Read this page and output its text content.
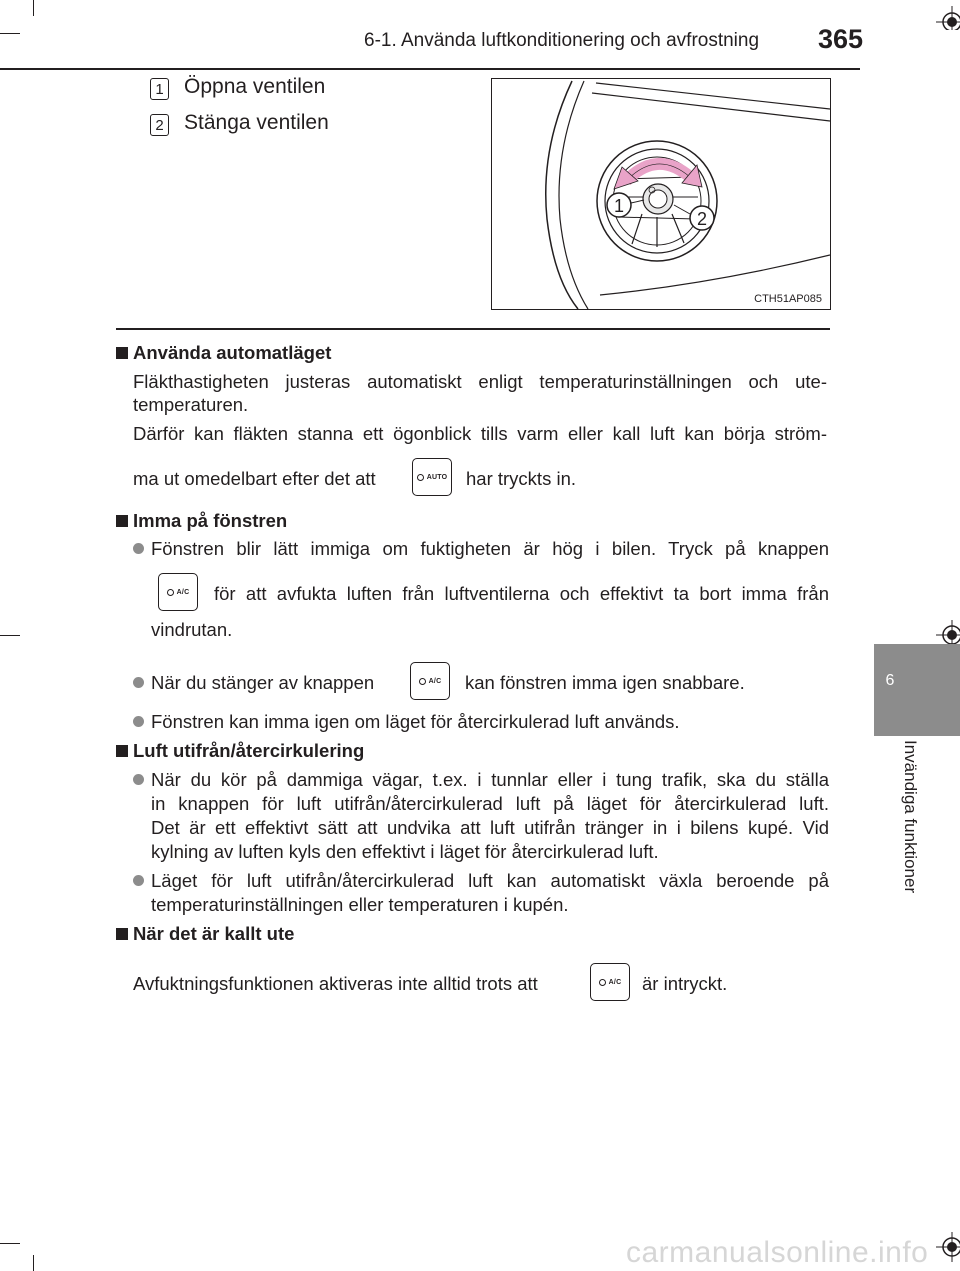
6-1. Använda luftkonditionering och avfrostning 365
6
Invändiga funktioner
1 Öppna ventilen
2 Stänga ventilen
1
2
CTH51AP085
Använda automatläget
Fläkthastigheten justeras automatiskt enligt temperaturinställningen och ute-
temperaturen.
Därför kan fläkten stanna ett ögonblick tills varm eller kall luft kan börja ström-
ma ut omedelbart efter det att	AUTO har tryckts in.
Imma på fönstren
Fönstren blir lätt immiga om fuktigheten är hög i bilen. Tryck på knappen
A/C för att avfukta luften från luftventilerna och effektivt ta bort imma från
vindrutan.
När du stänger av knappen	A/C kan fönstren imma igen snabbare.
Fönstren kan imma igen om läget för återcirkulerad luft används.
Luft utifrån/återcirkulering
När du kör på dammiga vägar, t.ex. i tunnlar eller i tung trafik, ska du ställa
in knappen för luft utifrån/återcirkulerad luft på läget för återcirkulerad luft.
Det är ett effektivt sätt att undvika att luft utifrån tränger in i bilens kupé. Vid
kylning av luften kyls den effektivt i läget för återcirkulerad luft.
Läget för luft utifrån/återcirkulerad luft kan automatiskt växla beroende på
temperaturinställningen eller temperaturen i kupén.
När det är kallt ute
Avfuktningsfunktionen aktiveras inte alltid trots att	A/C är intryckt.
carmanualsonline.info
